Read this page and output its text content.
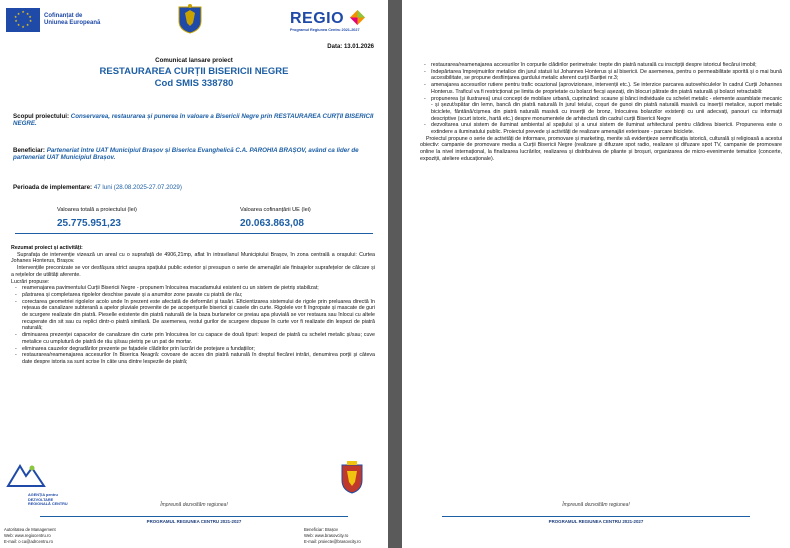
★ ★
★
★
★
★
★
★
★
★	Cofinanțat de
Uniunea Europeană	REGIO
Programul Regiunea Centru 2021-2027
Data: 13.01.2026
Comunicat lansare proiect
RESTAURAREA CURȚII BISERICII NEGRE
Cod SMIS 338780
Scopul proiectului: Conservarea, restaurarea și punerea în valoare a Bisericii Negre prin RESTAURAREA CURȚII BISERICII NEGRE.
Beneficiar: Parteneriat între UAT Municipiul Brașov și Biserica Evanghelică C.A. PAROHIA BRAȘOV, având ca lider de parteneriat UAT Municipiul Brașov.
Perioada de implementare: 47 luni (28.08.2025-27.07.2029)
Valoarea totală a proiectului (lei)
25.775.951,23
Valoarea cofinanțării UE (lei)
20.063.863,08

Rezumat proiect și activități:

Suprafața de intervenție vizează un areal cu o suprafață de 4906,21mp, aflat în intravilanul Municipiului Brașov, în zona centrală a orașului: Curtea Johanes Honterus, Brașov.

Intervențiile preconizate se vor desfășura strict asupra spațiului public exterior și presupun o serie de amenajări ale finisajelor suprafețelor de călcare și a rețelelor de utilități aferente.

Lucrări propuse:

- reamenajarea pavimentului Curții Bisericii Negre - propunem înlocuirea macadamului existent cu un sistem de pietriș stabilizat;
- păstrarea și completarea rigolelor deschise pavate și a anumitor zone pavate cu piatră de râu;
- corectarea geometriei rigolelor acolo unde în prezent este afectată de deformări și tasări. Eficientizarea sistemului de rigole prin preluarea directă în rețeaua de canalizare subterană a apelor pluviale provenite de pe acoperișurile bisericii și casele din curte. Rigolele vor fi îngropate și mascate de guri de scurgere realizate din piatră. Pieselle existente din piatră naturală de la baza burlanelor ce preiau apa pluvială se vor restaura sau înlocui cu altele recuperate din sit sau cu replici dintr-o piatră similară. De asemenea, restul gurilor de scurgere dispuse în curte vor fi realizate din lespezi de piatră naturală;
- diminuarea prezenței capacelor de canalizare din curte prin înlocuirea lor cu capace de două tipuri: lespezi de piatră cu schelet metalic și/sau; cuve metalice cu umplutură de piatră de râu și/sau pietriș pe un pat de mortar.
- eliminarea cauzelor degradărilor prezente pe fațadele clădirilor prin lucrări de protejare a fundațiilor;
- restaurarea/reamenajarea accesurilor în Biserica Neagră: covoare de acces din piatră naturală în dreptul fiecărei intrări, denumirea porții și câteva date despre istoria sa sunt scrise în câte una dintre lespezile de piatră;
AGENȚIA pentru DEZVOLTARE REGIONALĂ CENTRU	Împreună dezvoltăm regiunea!
PROGRAMUL REGIUNEA CENTRU 2021-2027
Autoritatea de Management
Web: www.regiocentru.ro
E-mail: o ca@adrcentru.ro
Beneficiar: Brașov
Web: www.brasovcity.ro
E-mail: proiecte@brasovcity.ro
- restaurarea/reamenajarea accesurilor în corpurile clădirilor perimetrale: trepte din piatră naturală cu inscripții despre istoricul fiecărui imobil;
- îndepărtarea împrejmuirilor metalice din jurul statuii lui Johannes Honterus și al bisericii. De asemenea, pentru o permeabilitate sporită și o mai bună accesibilitate, se propune desființarea gardului metalic aferent curții Bariției nr.3;
- amenajarea accesurilor rutiere pentru trafic ocazional (aprovizionare, intervenții etc.). Se interzice parcarea autovehiculelor în cadrul Curții Johannes Honterus. Traficul va fi restricționat pe limita de proprietate cu bolarzi fiecși așezați, din blocuri pătrate din piatră naturală și bolarzi retractabili:
- propunerea (și ilustrarea) unui concept de mobilare urbană, cuprinzând: scaune și bănci individuale cu schelet metalic - elemente asamblate mecanic - și șezut/spătar din lemn, bancă din piatră naturală în jurul teiului, coșuri de gunoi din piatră naturală masivă cu inserții metalice, suport metalic biciclete, fântână/cișmea din piatră naturală masivă cu inserții de bronz, înlocuirea bolarzilor existenți cu unii adecvați, panouri cu informații descriptive (scurt istoric, hartă etc.) despre monumentele de arhitectură din cadrul curții Bisericii Negre
- dezvoltarea unui sistem de iluminat ambiental al spațiului și a unui sistem de iluminat arhitectural pentru clădirea bisericii. Propunerea este o extindere a iluminatului public. Proiectul prevede și activități de realizare amenajări exterioare - parcare biciclete.

Proiectul propune o serie de activități de informare, promovare și marketing, menite să evidențieze semnificația istorică, culturală și religioasă a acestui obiectiv: campanie de promovare media a Curții Bisericii Negre (realizare și difuzare spot radio, realizare și difuzare spot TV, campanie de promovare online la nivel internațional, la finalizarea lucrărilor, realizarea și distribuirea de pliante și broșuri, organizarea de micro-evenimente tematice (concerte, expoziții, ateliere educaționale).

Împreună dezvoltăm regiunea!
PROGRAMUL REGIUNEA CENTRU 2021-2027
